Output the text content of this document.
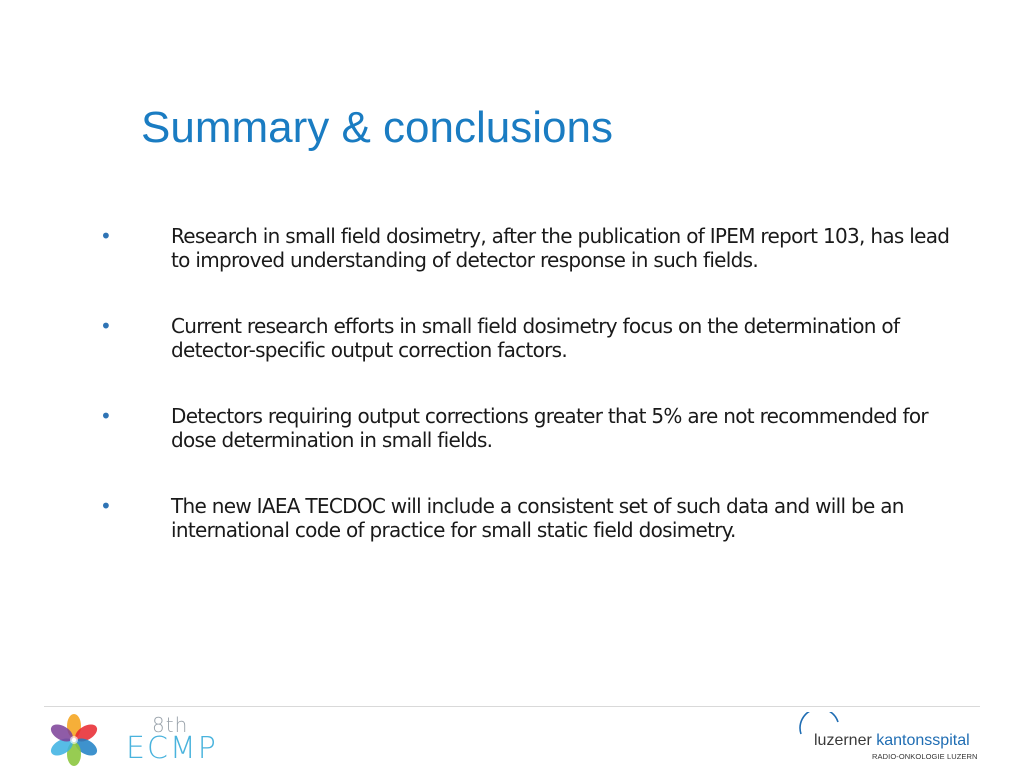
Summary & conclusions
•	Research in small field dosimetry, after the publication of IPEM report 103, has lead to improved understanding of detector response in such fields.
•	Current research efforts in small field dosimetry focus on the determination of detector-specific output correction factors.
•	Detectors requiring output corrections greater that 5% are not recommended for dose determination in small fields.
•	The new IAEA TECDOC will include a consistent set of such data and will be an international code of practice for small static field dosimetry.
8th
ECMP	luzerner kantonsspital
RADIO-ONKOLOGIE LUZERN
